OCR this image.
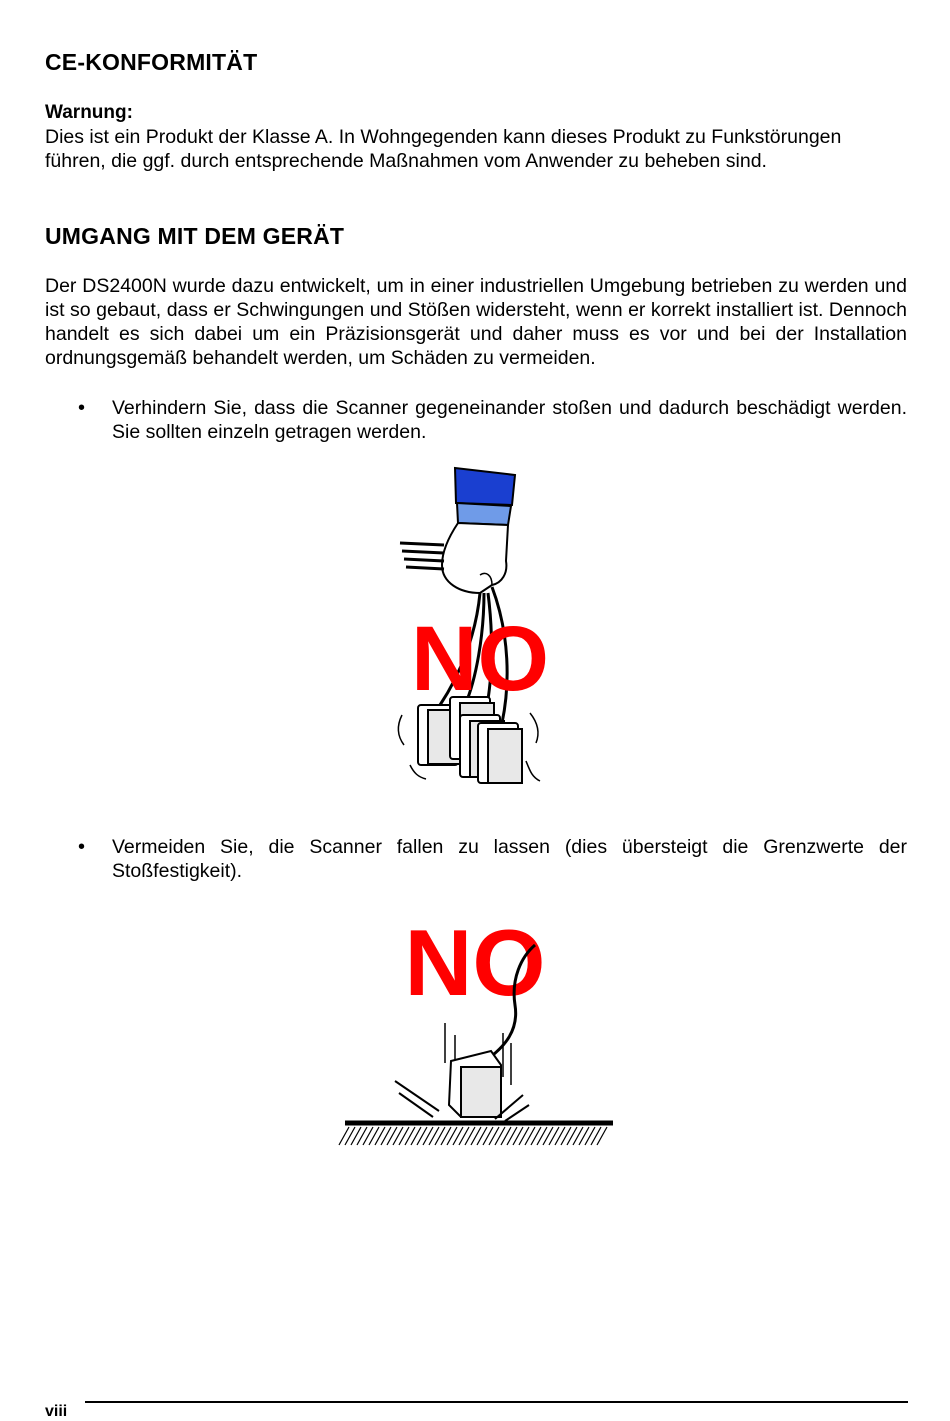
CE-KONFORMITÄT

Warnung:

Dies ist ein Produkt der Klasse A. In Wohngegenden kann dieses Produkt zu Funkstörungen führen, die ggf. durch entsprechende Maßnahmen vom Anwender zu beheben sind.

UMGANG MIT DEM GERÄT

Der DS2400N wurde dazu entwickelt, um in einer industriellen Umgebung betrieben zu werden und ist so gebaut, dass er Schwingungen und Stößen widersteht, wenn er korrekt installiert ist. Dennoch handelt es sich dabei um ein Präzisionsgerät und daher muss es vor und bei der Installation ordnungsgemäß behandelt werden, um Schäden zu vermeiden.

• Verhindern Sie, dass die Scanner gegeneinander stoßen und dadurch beschädigt werden. Sie sollten einzeln getragen werden.

NO
• Vermeiden Sie, die Scanner fallen zu lassen (dies übersteigt die Grenzwerte der Stoßfestigkeit).

NO
viii
